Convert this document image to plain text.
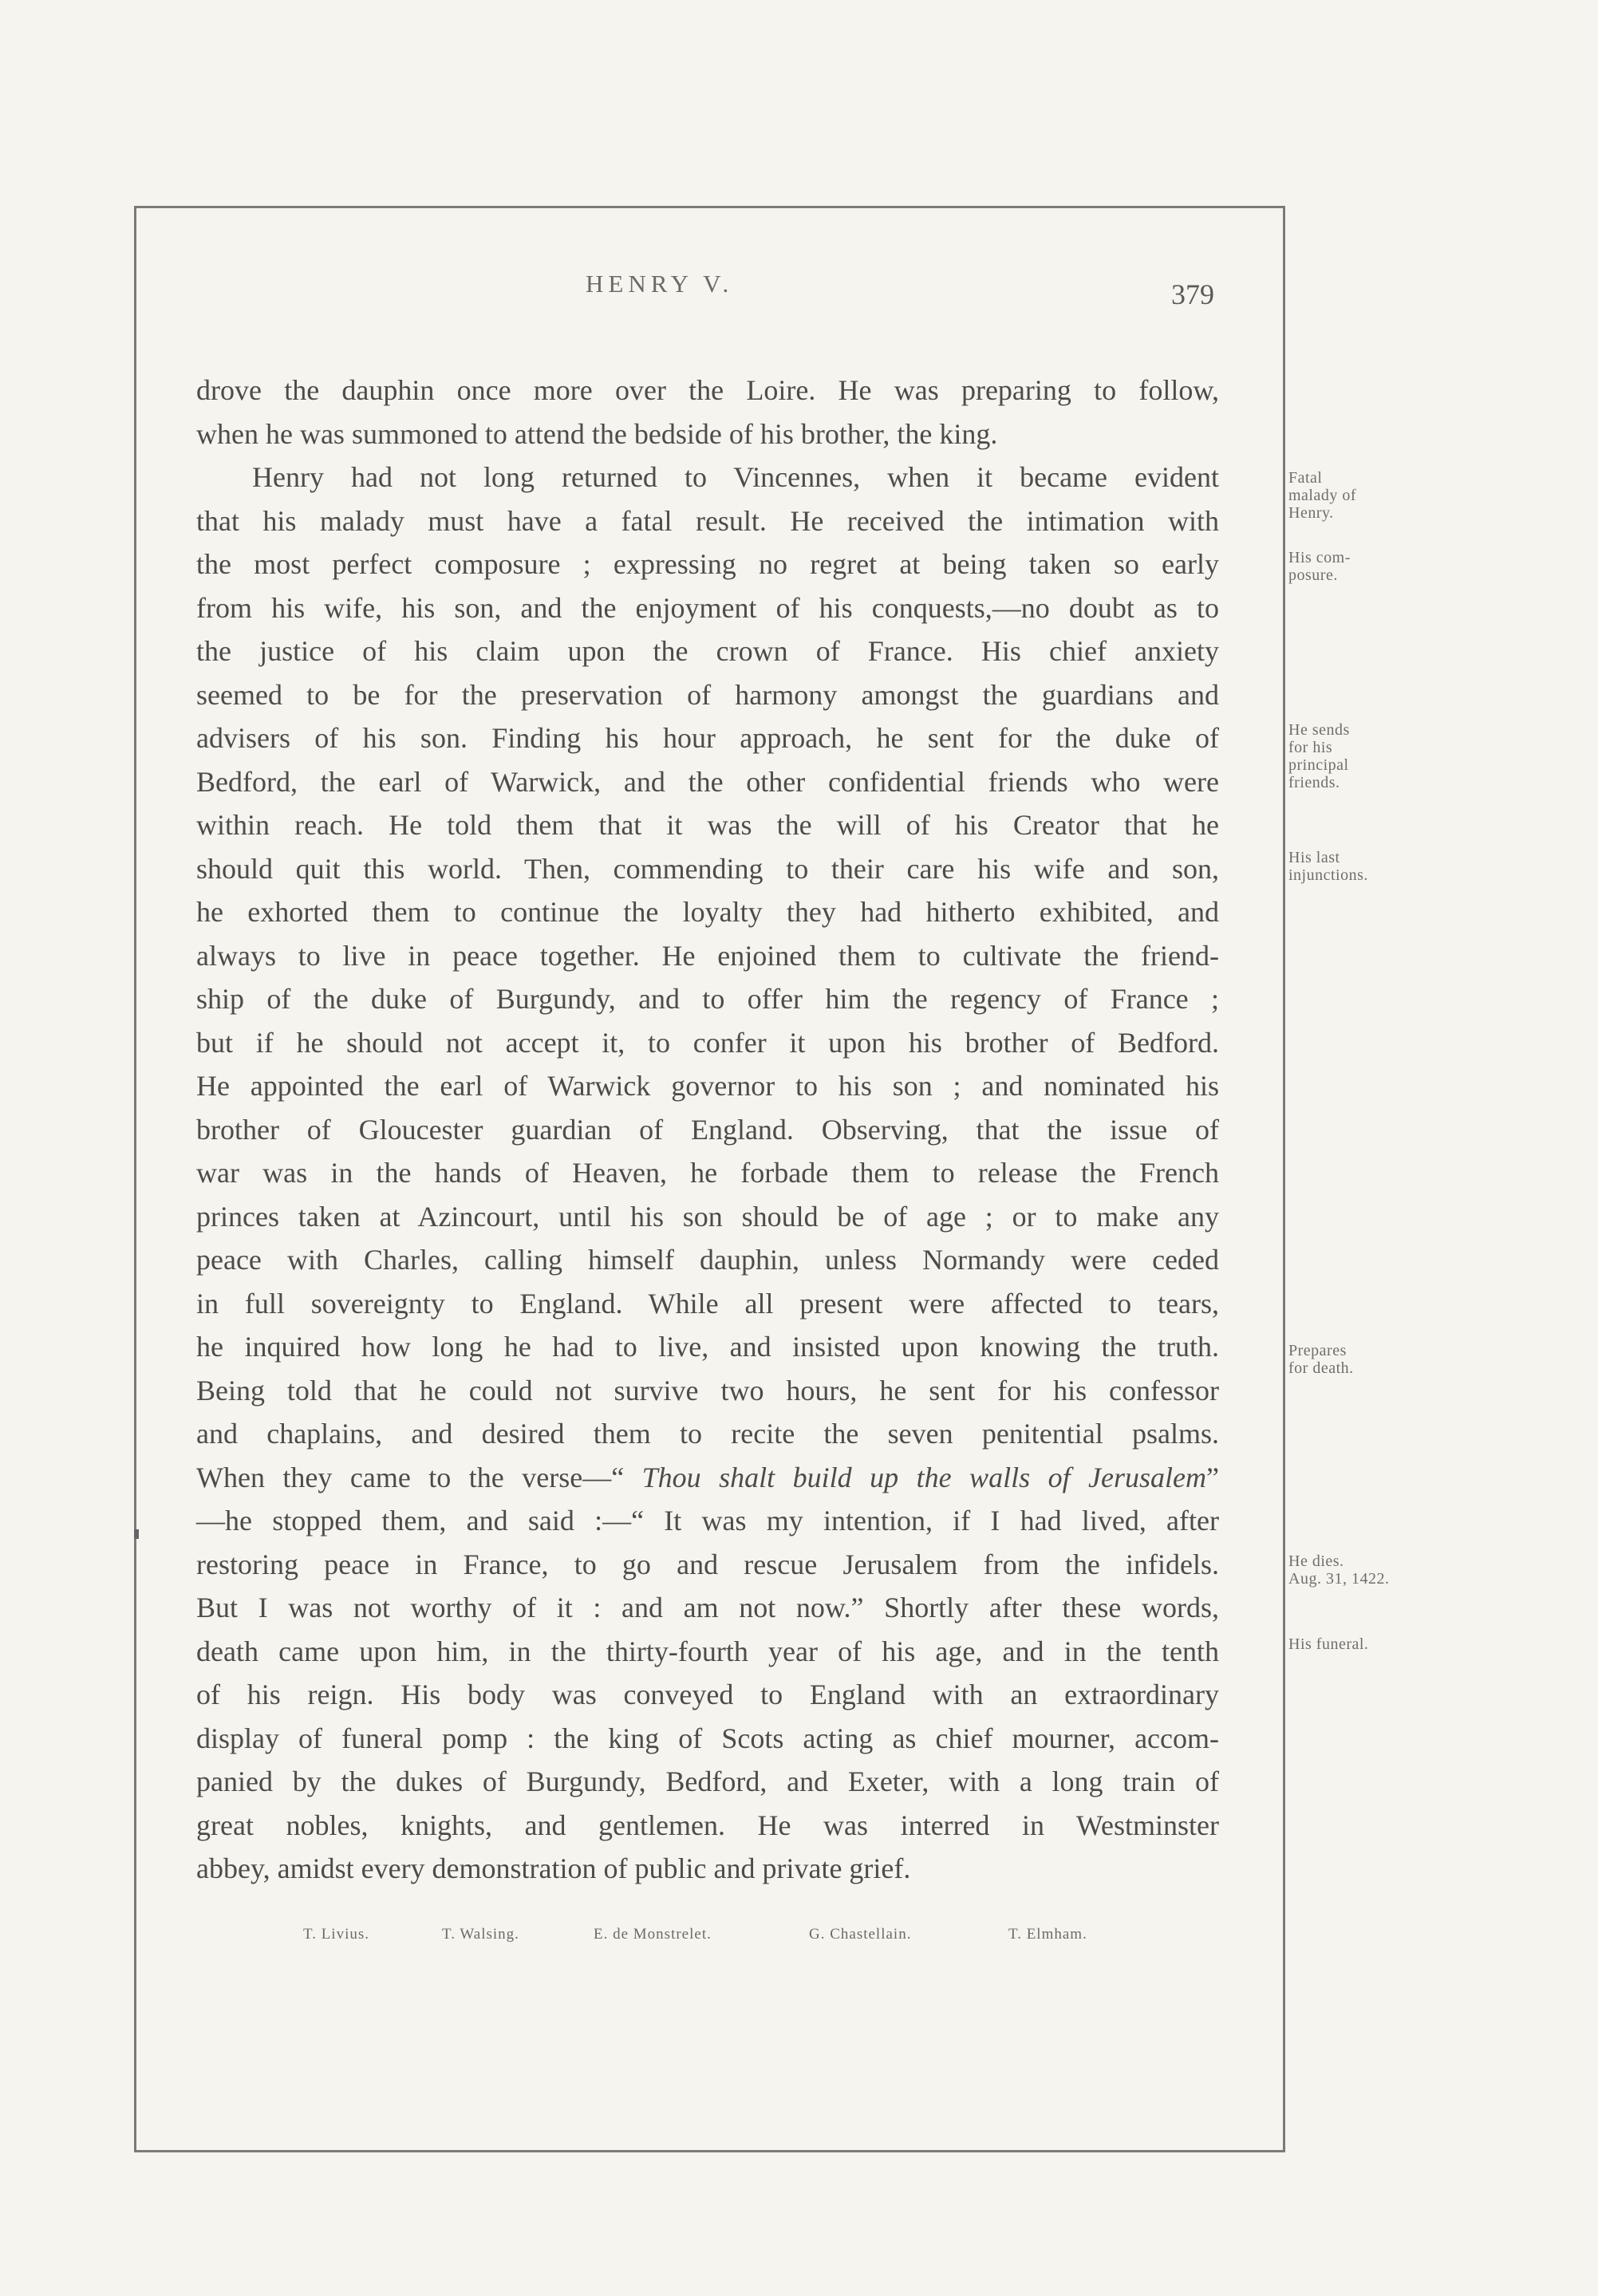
HENRY V.	379
drove the dauphin once more over the Loire. He was preparing to follow,
when he was summoned to attend the bedside of his brother, the king.
Henry had not long returned to Vincennes, when it became evident
that his malady must have a fatal result. He received the intimation with
the most perfect composure ; expressing no regret at being taken so early
from his wife, his son, and the enjoyment of his conquests,—no doubt as to
the justice of his claim upon the crown of France. His chief anxiety
seemed to be for the preservation of harmony amongst the guardians and
advisers of his son. Finding his hour approach, he sent for the duke of
Bedford, the earl of Warwick, and the other confidential friends who were
within reach. He told them that it was the will of his Creator that he
should quit this world. Then, commending to their care his wife and son,
he exhorted them to continue the loyalty they had hitherto exhibited, and
always to live in peace together. He enjoined them to cultivate the friend-
ship of the duke of Burgundy, and to offer him the regency of France ;
but if he should not accept it, to confer it upon his brother of Bedford.
He appointed the earl of Warwick governor to his son ; and nominated his
brother of Gloucester guardian of England. Observing, that the issue of
war was in the hands of Heaven, he forbade them to release the French
princes taken at Azincourt, until his son should be of age ; or to make any
peace with Charles, calling himself dauphin, unless Normandy were ceded
in full sovereignty to England. While all present were affected to tears,
he inquired how long he had to live, and insisted upon knowing the truth.
Being told that he could not survive two hours, he sent for his confessor
and chaplains, and desired them to recite the seven penitential psalms.
When they came to the verse—“ Thou shalt build up the walls of Jerusalem”
—he stopped them, and said :—“ It was my intention, if I had lived, after
restoring peace in France, to go and rescue Jerusalem from the infidels.
But I was not worthy of it : and am not now.” Shortly after these words,
death came upon him, in the thirty-fourth year of his age, and in the tenth
of his reign. His body was conveyed to England with an extraordinary
display of funeral pomp : the king of Scots acting as chief mourner, accom-
panied by the dukes of Burgundy, Bedford, and Exeter, with a long train of
great nobles, knights, and gentlemen. He was interred in Westminster
abbey, amidst every demonstration of public and private grief.
Fatal
malady of
Henry.
His com-
posure.
He sends
for his
principal
friends.
His last
injunctions.
Prepares
for death.
He dies.
Aug. 31, 1422.
His funeral.
T. Livius.	T. Walsing.	E. de Monstrelet.	G. Chastellain.	T. Elmham.
